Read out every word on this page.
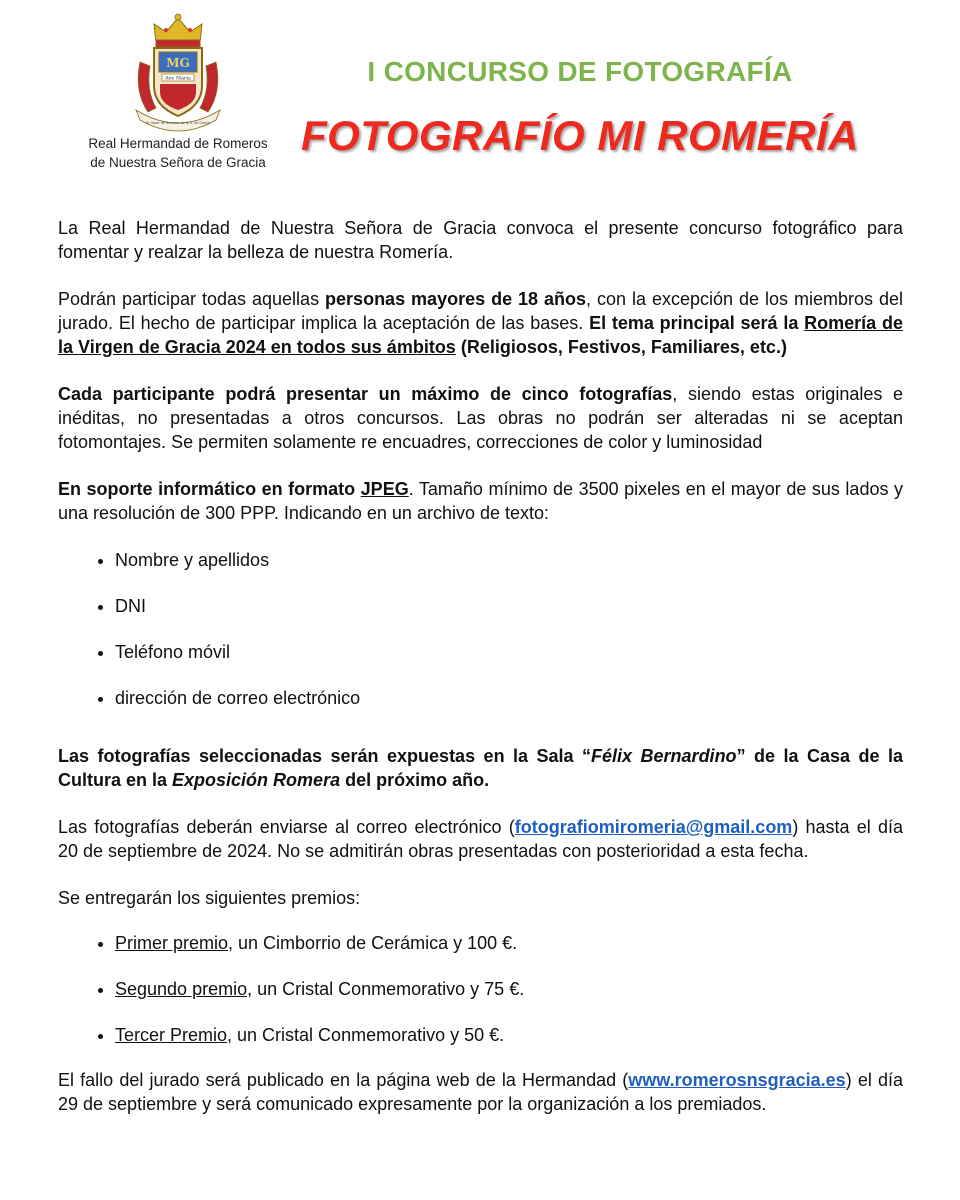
MG
Ave Maria
R. Hdad. de Romeros de N. S. de Gracia
Real Hermandad de Romeros
de Nuestra Señora de Gracia
I CONCURSO DE FOTOGRAFÍA
FOTOGRAFÍO MI ROMERÍA

La Real Hermandad de Nuestra Señora de Gracia convoca el presente concurso fotográfico para fomentar y realzar la belleza de nuestra Romería.

Podrán participar todas aquellas personas mayores de 18 años, con la excepción de los miembros del jurado. El hecho de participar implica la aceptación de las bases. El tema principal será la Romería de la Virgen de Gracia 2024 en todos sus ámbitos (Religiosos, Festivos, Familiares, etc.)

Cada participante podrá presentar un máximo de cinco fotografías, siendo estas originales e inéditas, no presentadas a otros concursos. Las obras no podrán ser alteradas ni se aceptan fotomontajes. Se permiten solamente re encuadres, correcciones de color y luminosidad

En soporte informático en formato JPEG. Tamaño mínimo de 3500 pixeles en el mayor de sus lados y una resolución de 300 PPP. Indicando en un archivo de texto:

• Nombre y apellidos
• DNI
• Teléfono móvil
• dirección de correo electrónico

Las fotografías seleccionadas serán expuestas en la Sala “Félix Bernardino” de la Casa de la Cultura en la Exposición Romera del próximo año.

Las fotografías deberán enviarse al correo electrónico (fotografiomiromeria@gmail.com) hasta el día 20 de septiembre de 2024. No se admitirán obras presentadas con posterioridad a esta fecha.

Se entregarán los siguientes premios:

• Primer premio, un Cimborrio de Cerámica y 100 €.
• Segundo premio, un Cristal Conmemorativo y 75 €.
• Tercer Premio, un Cristal Conmemorativo y 50 €.

El fallo del jurado será publicado en la página web de la Hermandad (www.romerosnsgracia.es) el día 29 de septiembre y será comunicado expresamente por la organización a los premiados.
